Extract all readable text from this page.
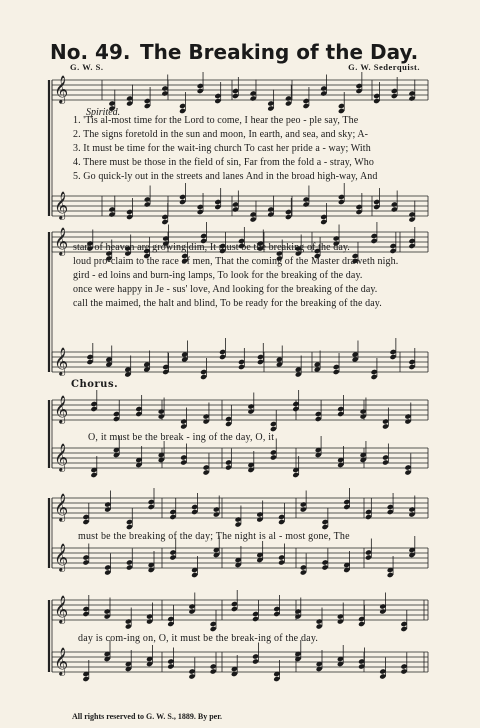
No. 49. The Breaking of the Day.
G. W. S.	G. W. Sederquist.
𝄞
𝄞
𝄞
𝄞
𝄞
𝄞
𝄞
𝄞
𝄞
𝄞
Spirited.
1. 'Tis al-most time for the Lord to come, I hear the peo - ple say, The
2. The signs foretold in the sun and moon, In earth, and sea, and sky; A-
3. It must be time for the wait-ing church To cast her pride a - way; With
4. There must be those in the field of sin, Far from the fold a - stray, Who
5. Go quick-ly out in the streets and lanes And in the broad high-way, And
stars of heaven are growing dim, It must be the breaking of the day.
loud pro-claim to the race of men, That the coming of the Master draweth nigh.
gird - ed loins and burn-ing lamps, To look for the breaking of the day.
once were happy in Je - sus' love, And looking for the breaking of the day.
call the maimed, the halt and blind, To be ready for the breaking of the day.
Chorus.
O, it must be the break - ing of the day, O, it
must be the breaking of the day; The night is al - most gone, The
day is com-ing on, O, it must be the break-ing of the day.
All rights reserved to G. W. S., 1889. By per.
